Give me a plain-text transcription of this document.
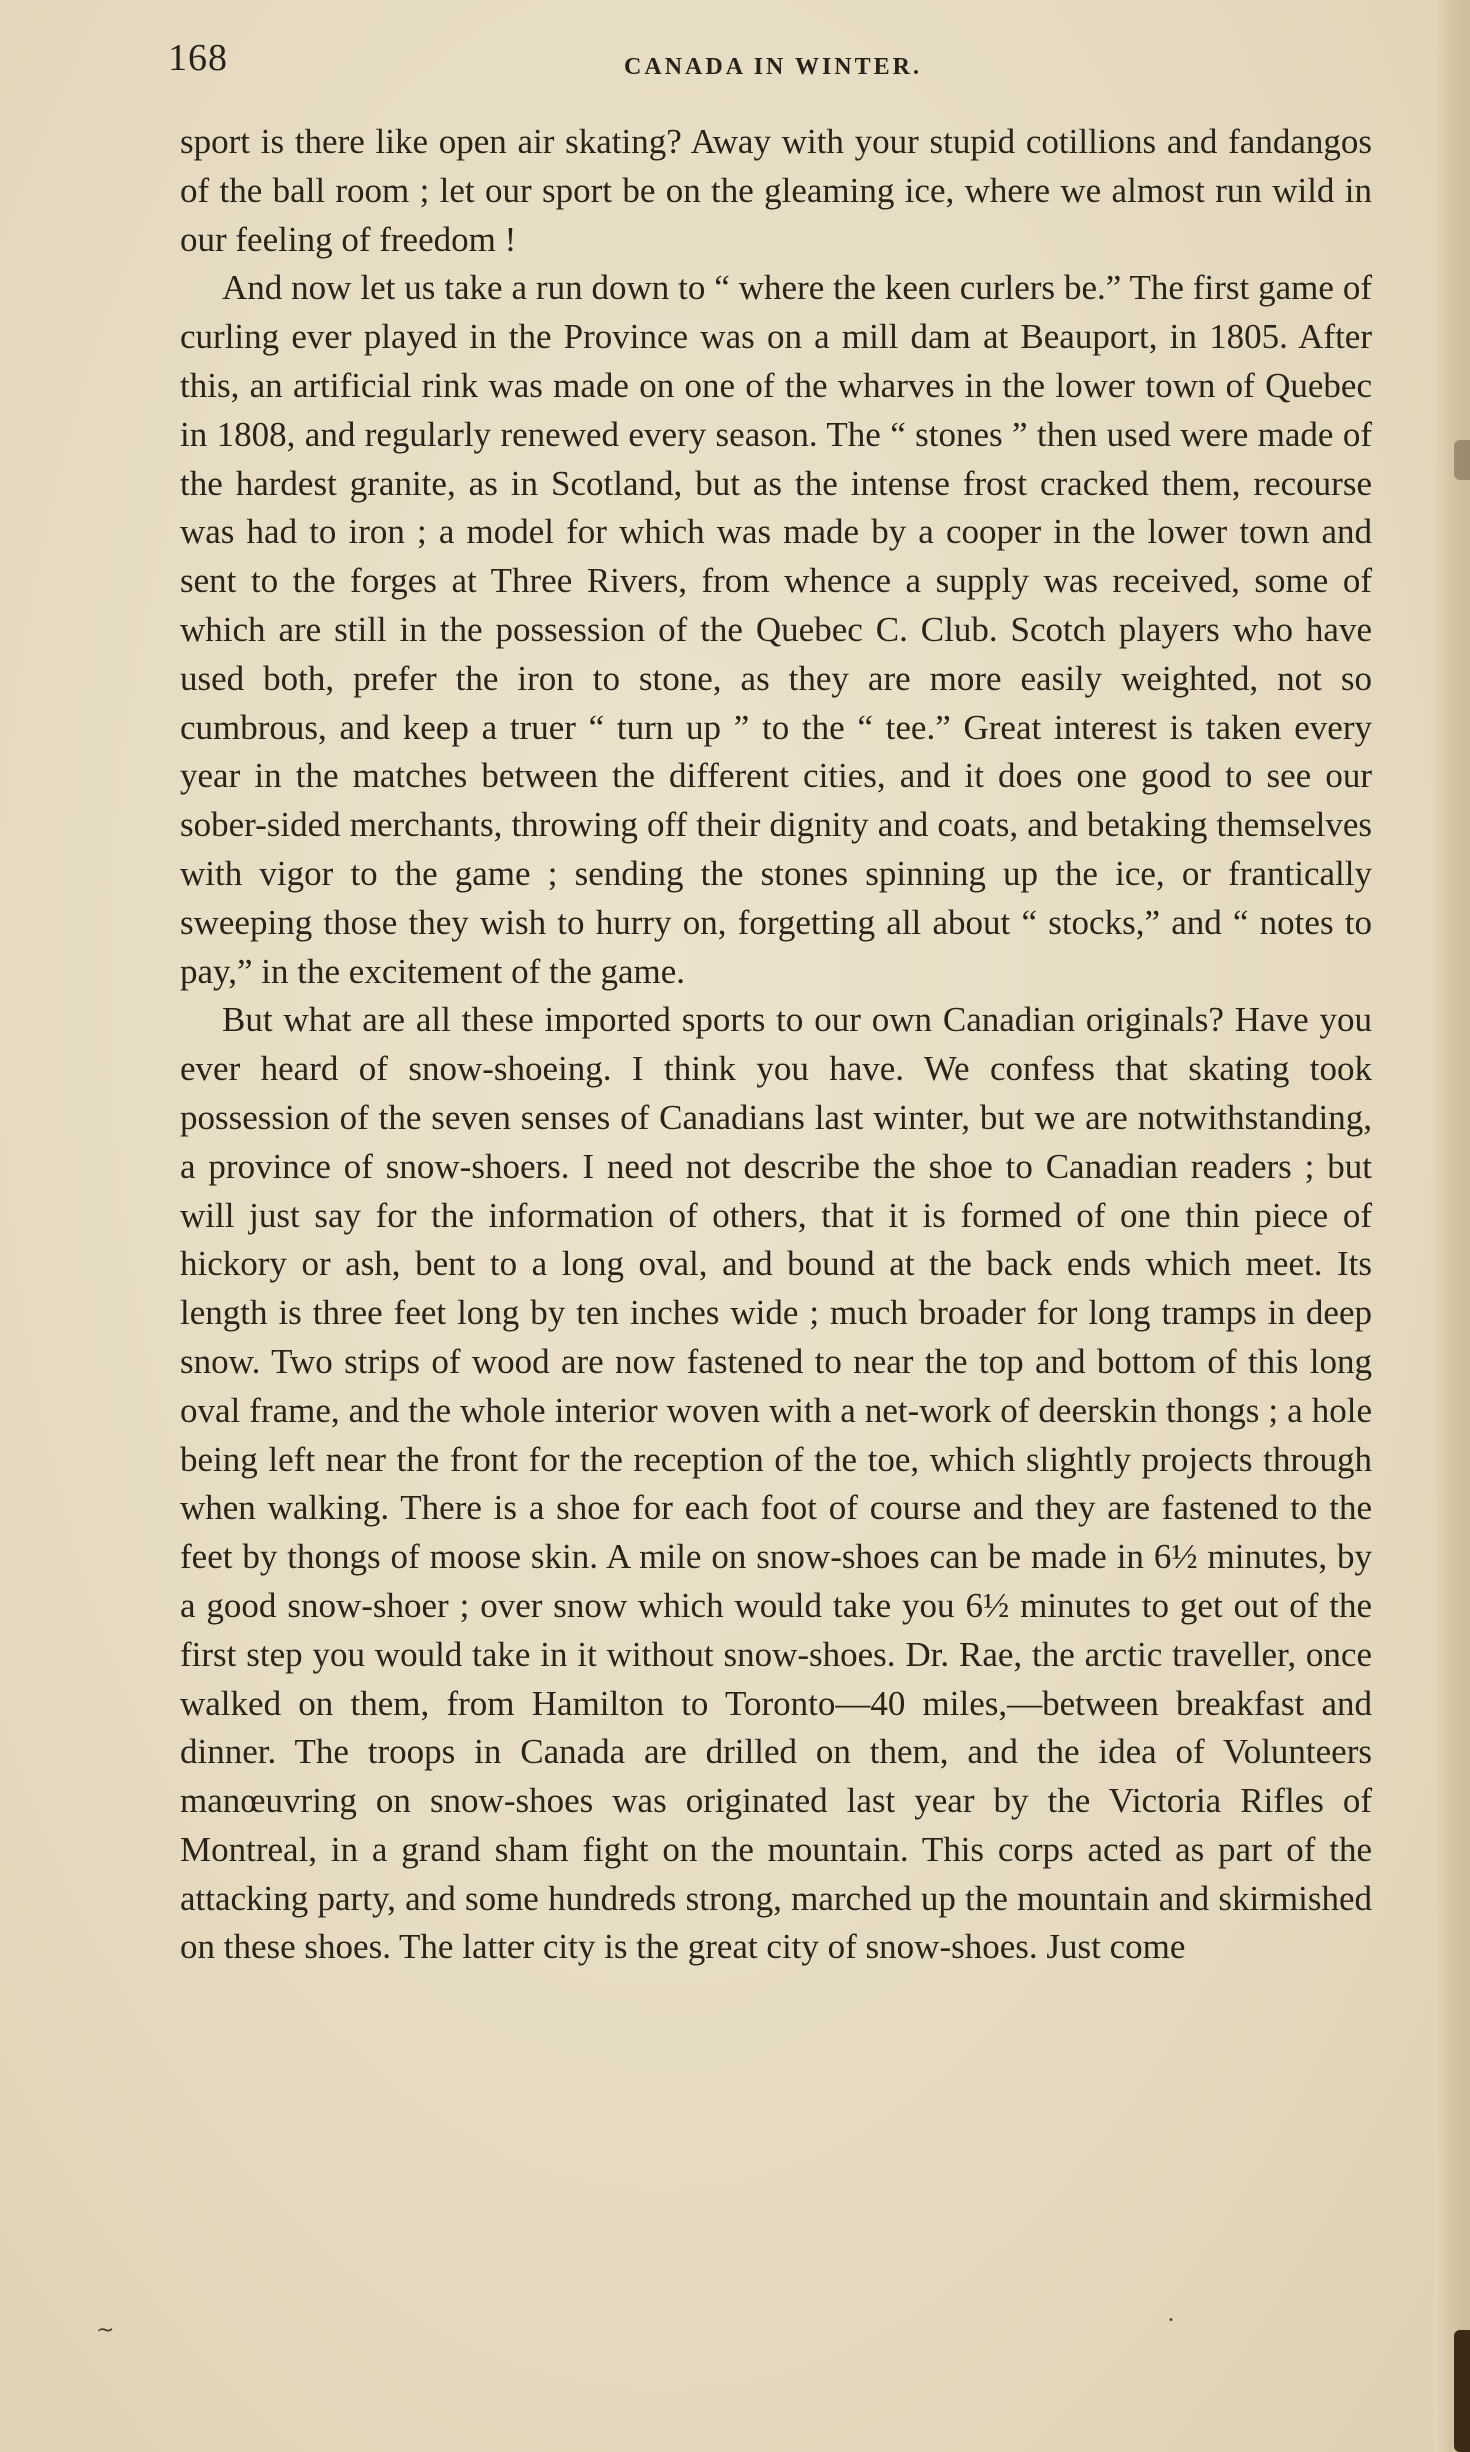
168	CANADA IN WINTER.

sport is there like open air skating? Away with your stupid cotillions and fandangos of the ball room ; let our sport be on the gleaming ice, where we almost run wild in our feeling of freedom !

And now let us take a run down to “ where the keen curlers be.” The first game of curling ever played in the Province was on a mill dam at Beauport, in 1805. After this, an artificial rink was made on one of the wharves in the lower town of Quebec in 1808, and regularly renewed every season. The “ stones ” then used were made of the hardest granite, as in Scotland, but as the intense frost cracked them, recourse was had to iron ; a model for which was made by a cooper in the lower town and sent to the forges at Three Rivers, from whence a supply was received, some of which are still in the possession of the Quebec C. Club. Scotch players who have used both, prefer the iron to stone, as they are more easily weighted, not so cumbrous, and keep a truer “ turn up ” to the “ tee.” Great interest is taken every year in the matches between the different cities, and it does one good to see our sober-sided merchants, throwing off their dignity and coats, and betaking themselves with vigor to the game ; sending the stones spinning up the ice, or frantically sweeping those they wish to hurry on, forgetting all about “ stocks,” and “ notes to pay,” in the excitement of the game.

But what are all these imported sports to our own Canadian originals? Have you ever heard of snow-shoeing. I think you have. We confess that skating took possession of the seven senses of Canadians last winter, but we are notwithstanding, a province of snow-shoers. I need not describe the shoe to Canadian readers ; but will just say for the information of others, that it is formed of one thin piece of hickory or ash, bent to a long oval, and bound at the back ends which meet. Its length is three feet long by ten inches wide ; much broader for long tramps in deep snow. Two strips of wood are now fastened to near the top and bottom of this long oval frame, and the whole interior woven with a net-work of deerskin thongs ; a hole being left near the front for the reception of the toe, which slightly projects through when walking. There is a shoe for each foot of course and they are fastened to the feet by thongs of moose skin. A mile on snow-shoes can be made in 6½ minutes, by a good snow-shoer ; over snow which would take you 6½ minutes to get out of the first step you would take in it without snow-shoes. Dr. Rae, the arctic traveller, once walked on them, from Hamilton to Toronto—40 miles,—between breakfast and dinner. The troops in Canada are drilled on them, and the idea of Volunteers manœuvring on snow-shoes was originated last year by the Victoria Rifles of Montreal, in a grand sham fight on the mountain. This corps acted as part of the attacking party, and some hundreds strong, marched up the mountain and skirmished on these shoes. The latter city is the great city of snow-shoes. Just come

~	•
